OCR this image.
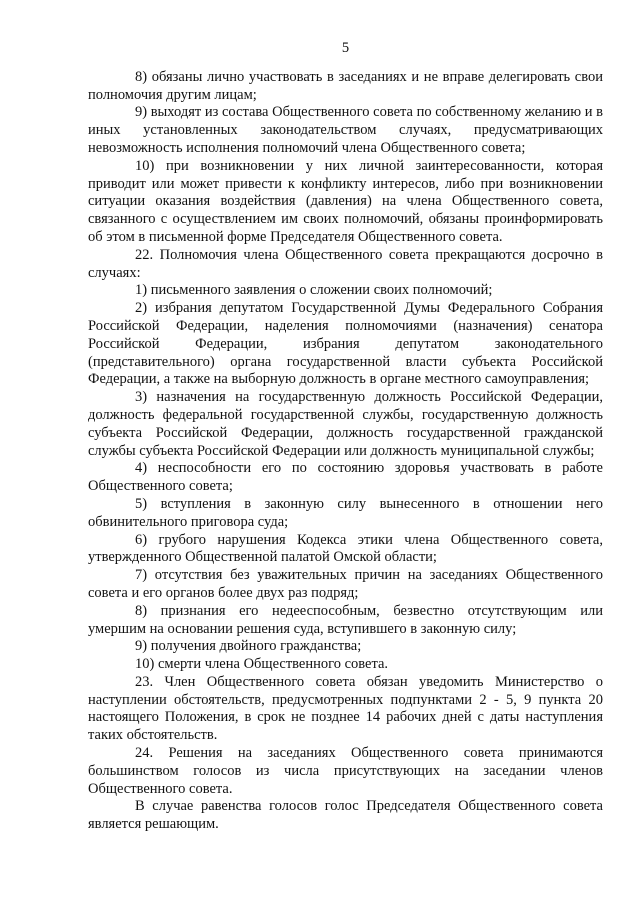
5

8) обязаны лично участвовать в заседаниях и не вправе делегировать свои полномочия другим лицам;

9) выходят из состава Общественного совета по собственному желанию и в иных установленных законодательством случаях, предусматривающих невозможность исполнения полномочий члена Общественного совета;

10) при возникновении у них личной заинтересованности, которая приводит или может привести к конфликту интересов, либо при возникновении ситуации оказания воздействия (давления) на члена Общественного совета, связанного с осуществлением им своих полномочий, обязаны проинформировать об этом в письменной форме Председателя Общественного совета.

22. Полномочия члена Общественного совета прекращаются досрочно в случаях:

1) письменного заявления о сложении своих полномочий;

2) избрания депутатом Государственной Думы Федерального Собрания Российской Федерации, наделения полномочиями (назначения) сенатора Российской Федерации, избрания депутатом законодательного (представительного) органа государственной власти субъекта Российской Федерации, а также на выборную должность в органе местного самоуправления;

3) назначения на государственную должность Российской Федерации, должность федеральной государственной службы, государственную должность субъекта Российской Федерации, должность государственной гражданской службы субъекта Российской Федерации или должность муниципальной службы;

4) неспособности его по состоянию здоровья участвовать в работе Общественного совета;

5) вступления в законную силу вынесенного в отношении него обвинительного приговора суда;

6) грубого нарушения Кодекса этики члена Общественного совета, утвержденного Общественной палатой Омской области;

7) отсутствия без уважительных причин на заседаниях Общественного совета и его органов более двух раз подряд;

8) признания его недееспособным, безвестно отсутствующим или умершим на основании решения суда, вступившего в законную силу;

9) получения двойного гражданства;

10) смерти члена Общественного совета.

23. Член Общественного совета обязан уведомить Министерство о наступлении обстоятельств, предусмотренных подпунктами 2 - 5, 9 пункта 20 настоящего Положения, в срок не позднее 14 рабочих дней с даты наступления таких обстоятельств.

24. Решения на заседаниях Общественного совета принимаются большинством голосов из числа присутствующих на заседании членов Общественного совета.

В случае равенства голосов голос Председателя Общественного совета является решающим.
